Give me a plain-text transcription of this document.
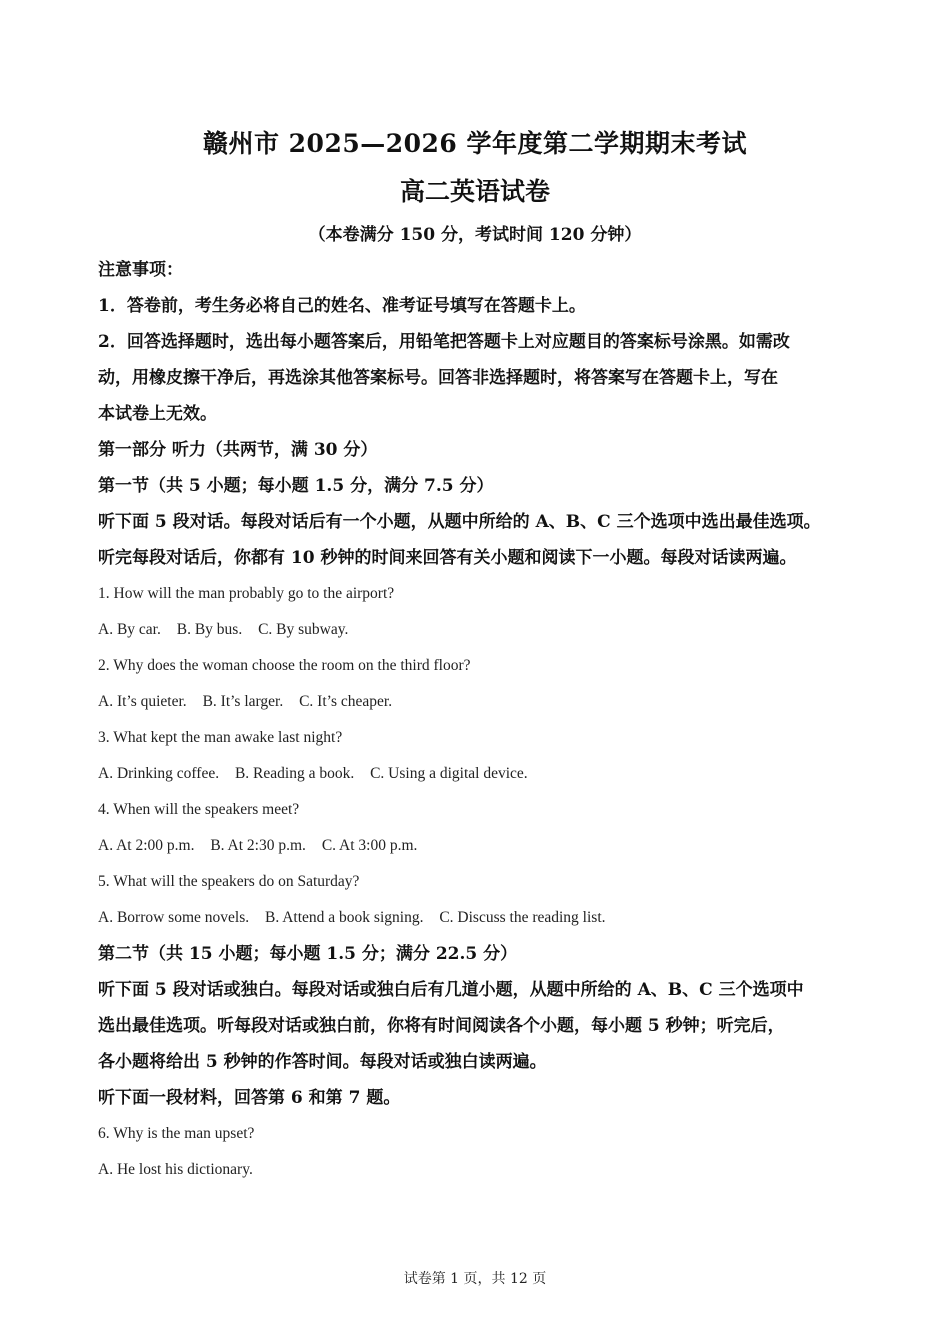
赣州市 2025—2026 学年度第二学期期末考试
高二英语试卷
（本卷满分 150 分，考试时间 120 分钟）
注意事项：
1．答卷前，考生务必将自己的姓名、准考证号填写在答题卡上。
2．回答选择题时，选出每小题答案后，用铅笔把答题卡上对应题目的答案标号涂黑。如需改
动，用橡皮擦干净后，再选涂其他答案标号。回答非选择题时，将答案写在答题卡上，写在
本试卷上无效。
第一部分 听力（共两节，满 30 分）
第一节（共 5 小题；每小题 1.5 分，满分 7.5 分）
听下面 5 段对话。每段对话后有一个小题，从题中所给的 A、B、C 三个选项中选出最佳选项。
听完每段对话后，你都有 10 秒钟的时间来回答有关小题和阅读下一小题。每段对话读两遍。
1. How will the man probably go to the airport?
A. By car. B. By bus. C. By subway.
2. Why does the woman choose the room on the third floor?
A. It’s quieter. B. It’s larger. C. It’s cheaper.
3. What kept the man awake last night?
A. Drinking coffee. B. Reading a book. C. Using a digital device.
4. When will the speakers meet?
A. At 2:00 p.m. B. At 2:30 p.m. C. At 3:00 p.m.
5. What will the speakers do on Saturday?
A. Borrow some novels. B. Attend a book signing. C. Discuss the reading list.
第二节（共 15 小题；每小题 1.5 分；满分 22.5 分）
听下面 5 段对话或独白。每段对话或独白后有几道小题，从题中所给的 A、B、C 三个选项中
选出最佳选项。听每段对话或独白前，你将有时间阅读各个小题，每小题 5 秒钟；听完后，
各小题将给出 5 秒钟的作答时间。每段对话或独白读两遍。
听下面一段材料，回答第 6 和第 7 题。
6. Why is the man upset?
A. He lost his dictionary.
试卷第 1 页，共 12 页
